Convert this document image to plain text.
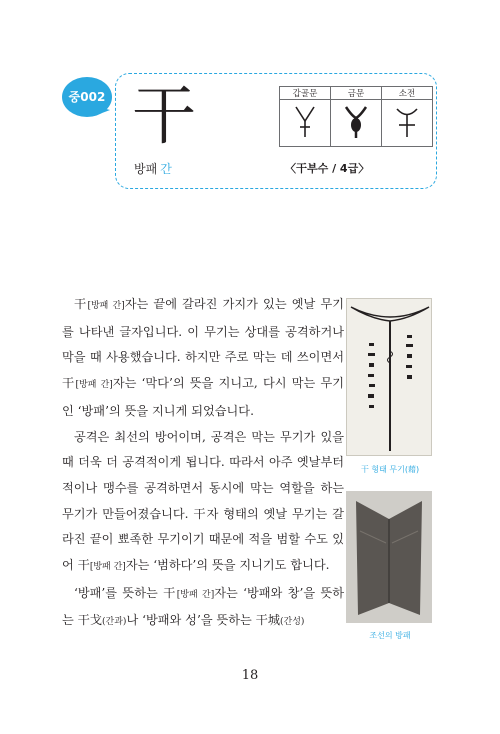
중002 干
방패 간
갑골문	금문	소전

〈干부수 / 4급〉

干[방패 간]자는 끝에 갈라진 가지가 있는 옛날 무기를 나타낸 글자입니다. 이 무기는 상대를 공격하거나 막을 때 사용했습니다. 하지만 주로 막는 데 쓰이면서 干[방패 간]자는 ‘막다’의 뜻을 지니고, 다시 막는 무기인 ‘방패’의 뜻을 지니게 되었습니다.

공격은 최선의 방어이며, 공격은 막는 무기가 있을 때 더욱 더 공격적이게 됩니다. 따라서 아주 옛날부터 적이나 맹수를 공격하면서 동시에 막는 역할을 하는 무기가 만들어졌습니다. 干자 형태의 옛날 무기는 갈라진 끝이 뾰족한 무기이기 때문에 적을 범할 수도 있어 干[방패 간]자는 ‘범하다’의 뜻을 지니기도 합니다.

‘방패’를 뜻하는 干[방패 간]자는 ‘방패와 창’을 뜻하는 干戈(간과)나 ‘방패와 성’을 뜻하는 干城(간성)

干 형태 무기(藉)
조선의 방패
18
